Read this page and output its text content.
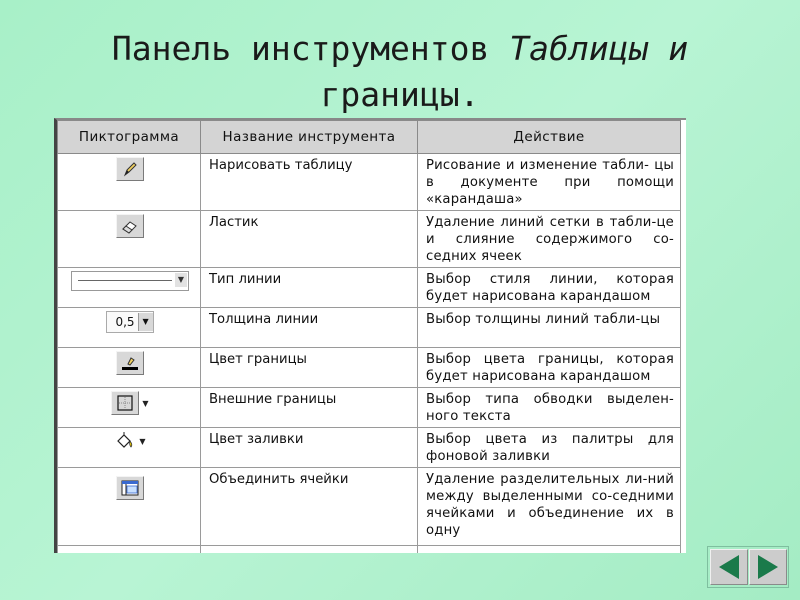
Панель инструментов Таблицы и
границы.
Пиктограмма	Название инструмента	Действие

	Нарисовать таблицу	Рисование и изменение табли- цы в документе при помощи «карандаша»

	Ластик	Удаление линий сетки в табли-це и слияние содержимого со-седних ячеек

▼	Тип линии	Выбор стиля линии, которая будет нарисована карандашом

0,5 ▼	Толщина линии	Выбор толщины линий табли-цы

	Цвет границы	Выбор цвета границы, которая будет нарисована карандашом

▼	Внешние границы	Выбор типа обводки выделен-ного текста

▼	Цвет заливки	Выбор цвета из палитры для фоновой заливки

	Объединить ячейки	Удаление разделительных ли-ний между выделенными со-седними ячейками и объединение их в одну
